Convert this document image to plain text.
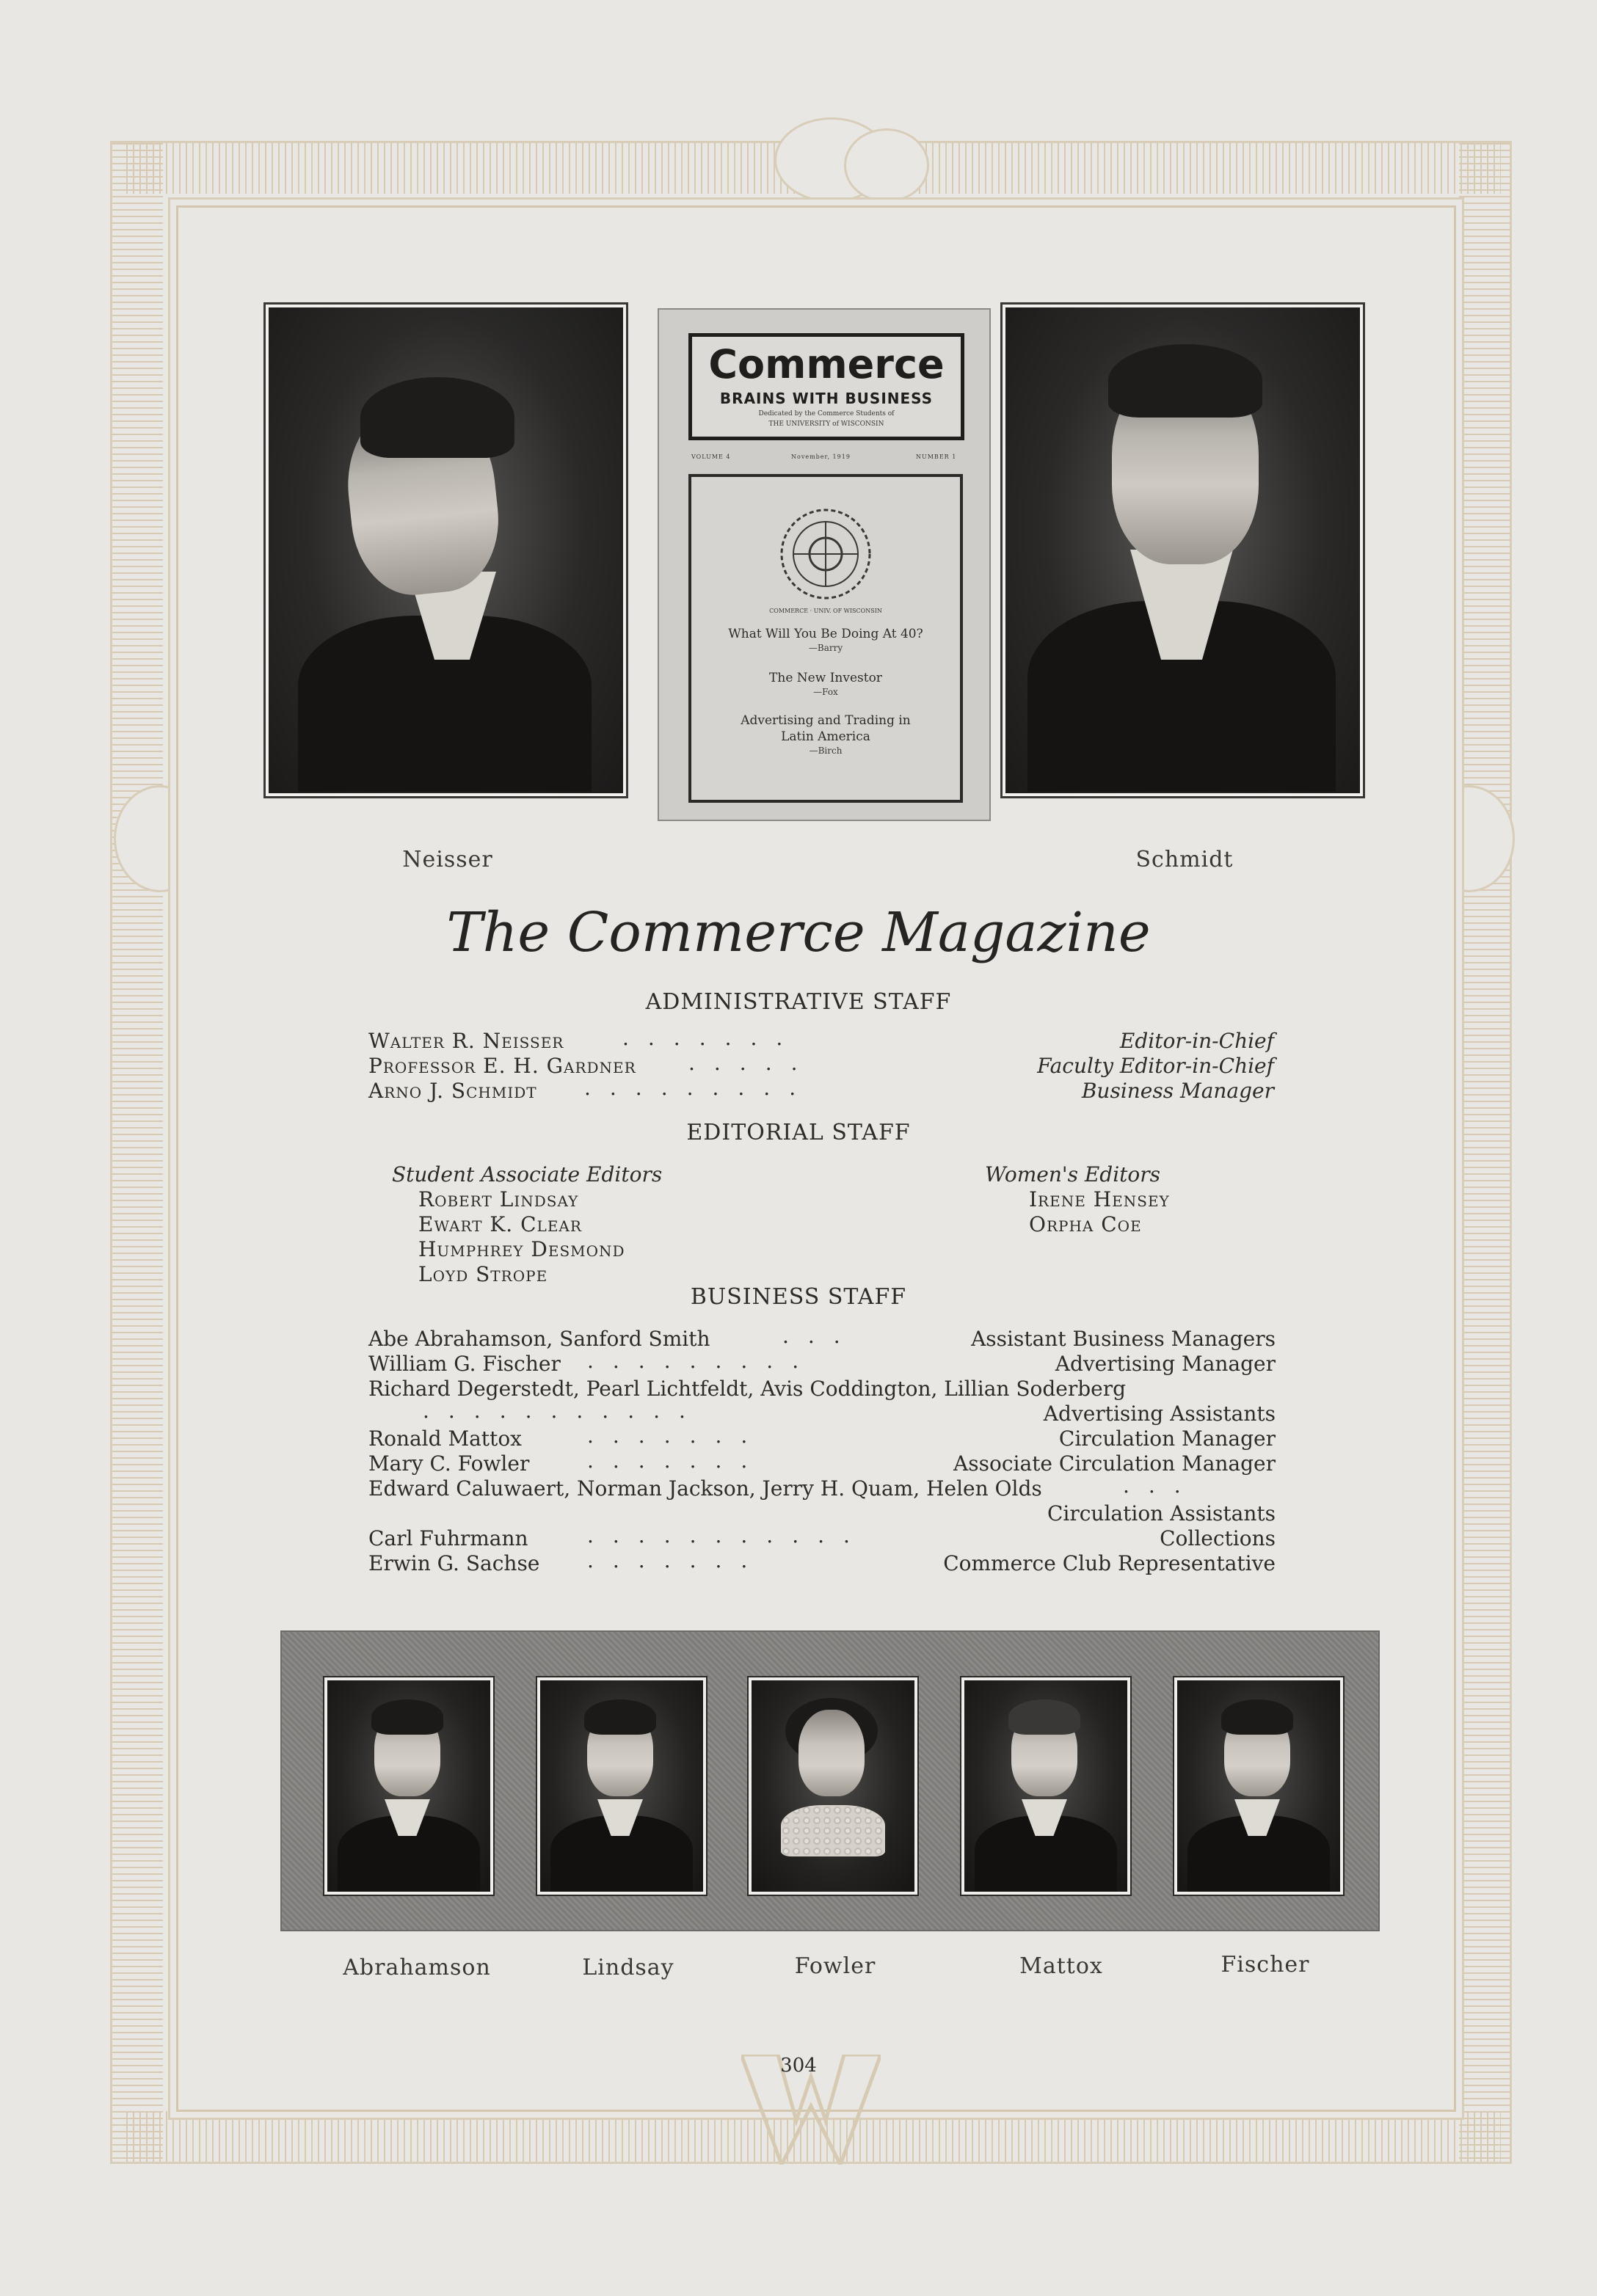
Neisser
Commerce
BRAINS WITH BUSINESS
Dedicated by the Commerce Students of
THE UNIVERSITY of WISCONSIN
VOLUME 4	November, 1919	NUMBER 1
COMMERCE · UNIV. OF WISCONSIN
What Will You Be Doing At 40?
—Barry
The New Investor
—Fox
Advertising and Trading in
Latin America
—Birch
Schmidt
The Commerce Magazine
ADMINISTRATIVE STAFF
Walter R. Neisser	.......	Editor-in-Chief
Professor E. H. Gardner	.....	Faculty Editor-in-Chief
Arno J. Schmidt .........	Business Manager
EDITORIAL STAFF
Student Associate Editors
Robert Lindsay
Ewart K. Clear
Humphrey Desmond
Loyd Strope
Women's Editors
Irene Hensey
Orpha Coe
BUSINESS STAFF
Abe Abrahamson, Sanford Smith	...	Assistant Business Managers
William G. Fischer .........	Advertising Manager
Richard Degerstedt, Pearl Lichtfeldt, Avis Coddington, Lillian Soderberg
...........	Advertising Assistants
Ronald Mattox	.......	Circulation Manager
Mary C. Fowler	.......	Associate Circulation Manager
Edward Caluwaert, Norman Jackson, Jerry H. Quam, Helen Olds	...
Circulation Assistants
Carl Fuhrmann	...........	Collections
Erwin G. Sachse .......	Commerce Club Representative
Abrahamson	Lindsay	Fowler	Mattox	Fischer
304
